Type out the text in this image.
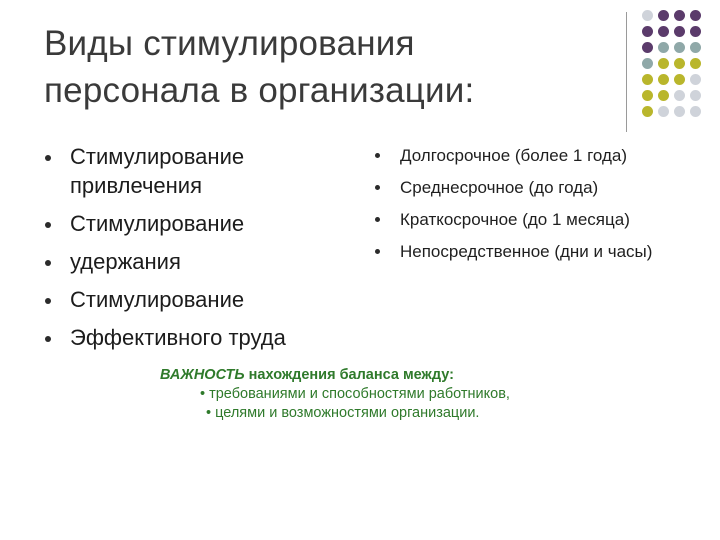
Виды стимулирования
персонала в организации:
Стимулирование привлечения
Стимулирование
удержания
Стимулирование
Эффективного труда
Долгосрочное (более 1 года)
Среднесрочное (до года)
Краткосрочное (до 1 месяца)
Непосредственное (дни и часы)
ВАЖНОСТЬ нахождения баланса между:
• требованиями и способностями работников,
• целями и возможностями организации.
